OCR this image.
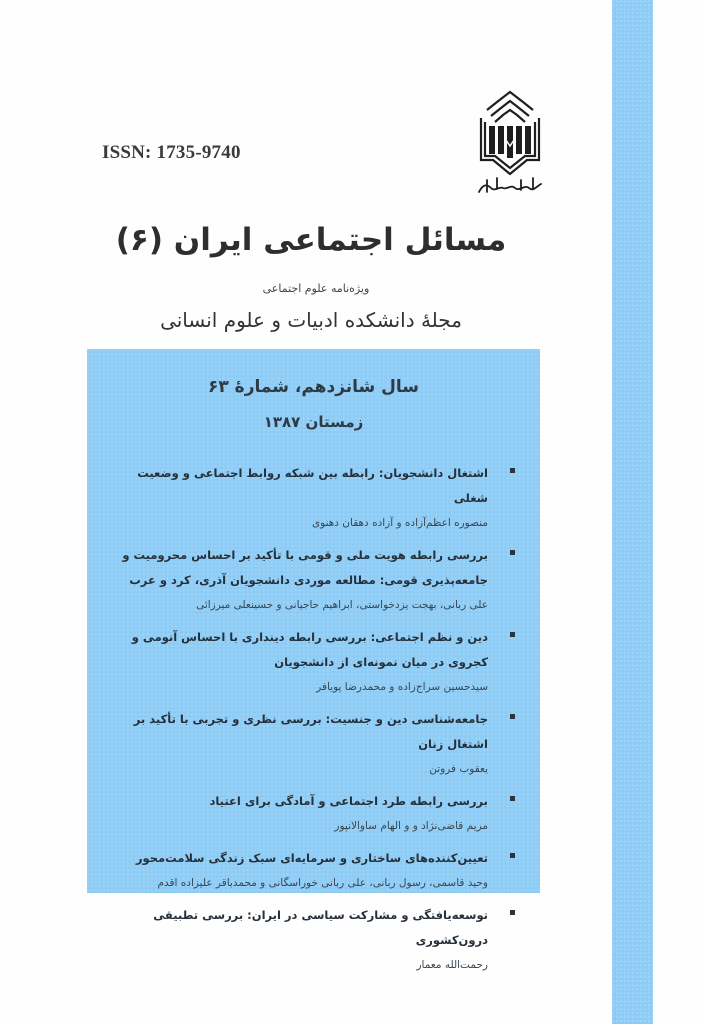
ISSN: 1735-9740
مسائل اجتماعی ایران (۶)
ویژه‌نامه علوم اجتماعی
مجلهٔ دانشکده ادبیات و علوم انسانی
سال شانزدهم، شمارهٔ ۶۳
زمستان ۱۳۸۷
اشتغال دانشجویان: رابطه بین شبکه روابط اجتماعی و وضعیت شغلی
منصوره اعظم‌آزاده و آزاده دهقان دهنوی
بررسی رابطه هویت ملی و قومی با تأکید بر احساس محرومیت و جامعه‌پذیری قومی: مطالعه موردی دانشجویان آذری، کرد و عرب
علی ربانی، بهجت یزدخواستی، ابراهیم حاجیانی و حسینعلی میرزائی
دین و نظم اجتماعی: بررسی رابطه دینداری با احساس آنومی و کجروی در میان نمونه‌ای از دانشجویان
سیدحسین سراج‌زاده و محمدرضا پویافر
جامعه‌شناسی دین و جنسیت: بررسی نظری و تجربی با تأکید بر اشتغال زنان
یعقوب فروتن
بررسی رابطه طرد اجتماعی و آمادگی برای اعتیاد
مریم قاضی‌نژاد و و الهام ساوالانپور
تعیین‌کننده‌های ساختاری و سرمایه‌ای سبک زندگی سلامت‌محور
وحید قاسمی، رسول ربانی، علی ربانی خوراسگانی و محمدباقر علیزاده اقدم
توسعه‌یافتگی و مشارکت سیاسی در ایران: بررسی تطبیقی درون‌کشوری
رحمت‌الله معمار
